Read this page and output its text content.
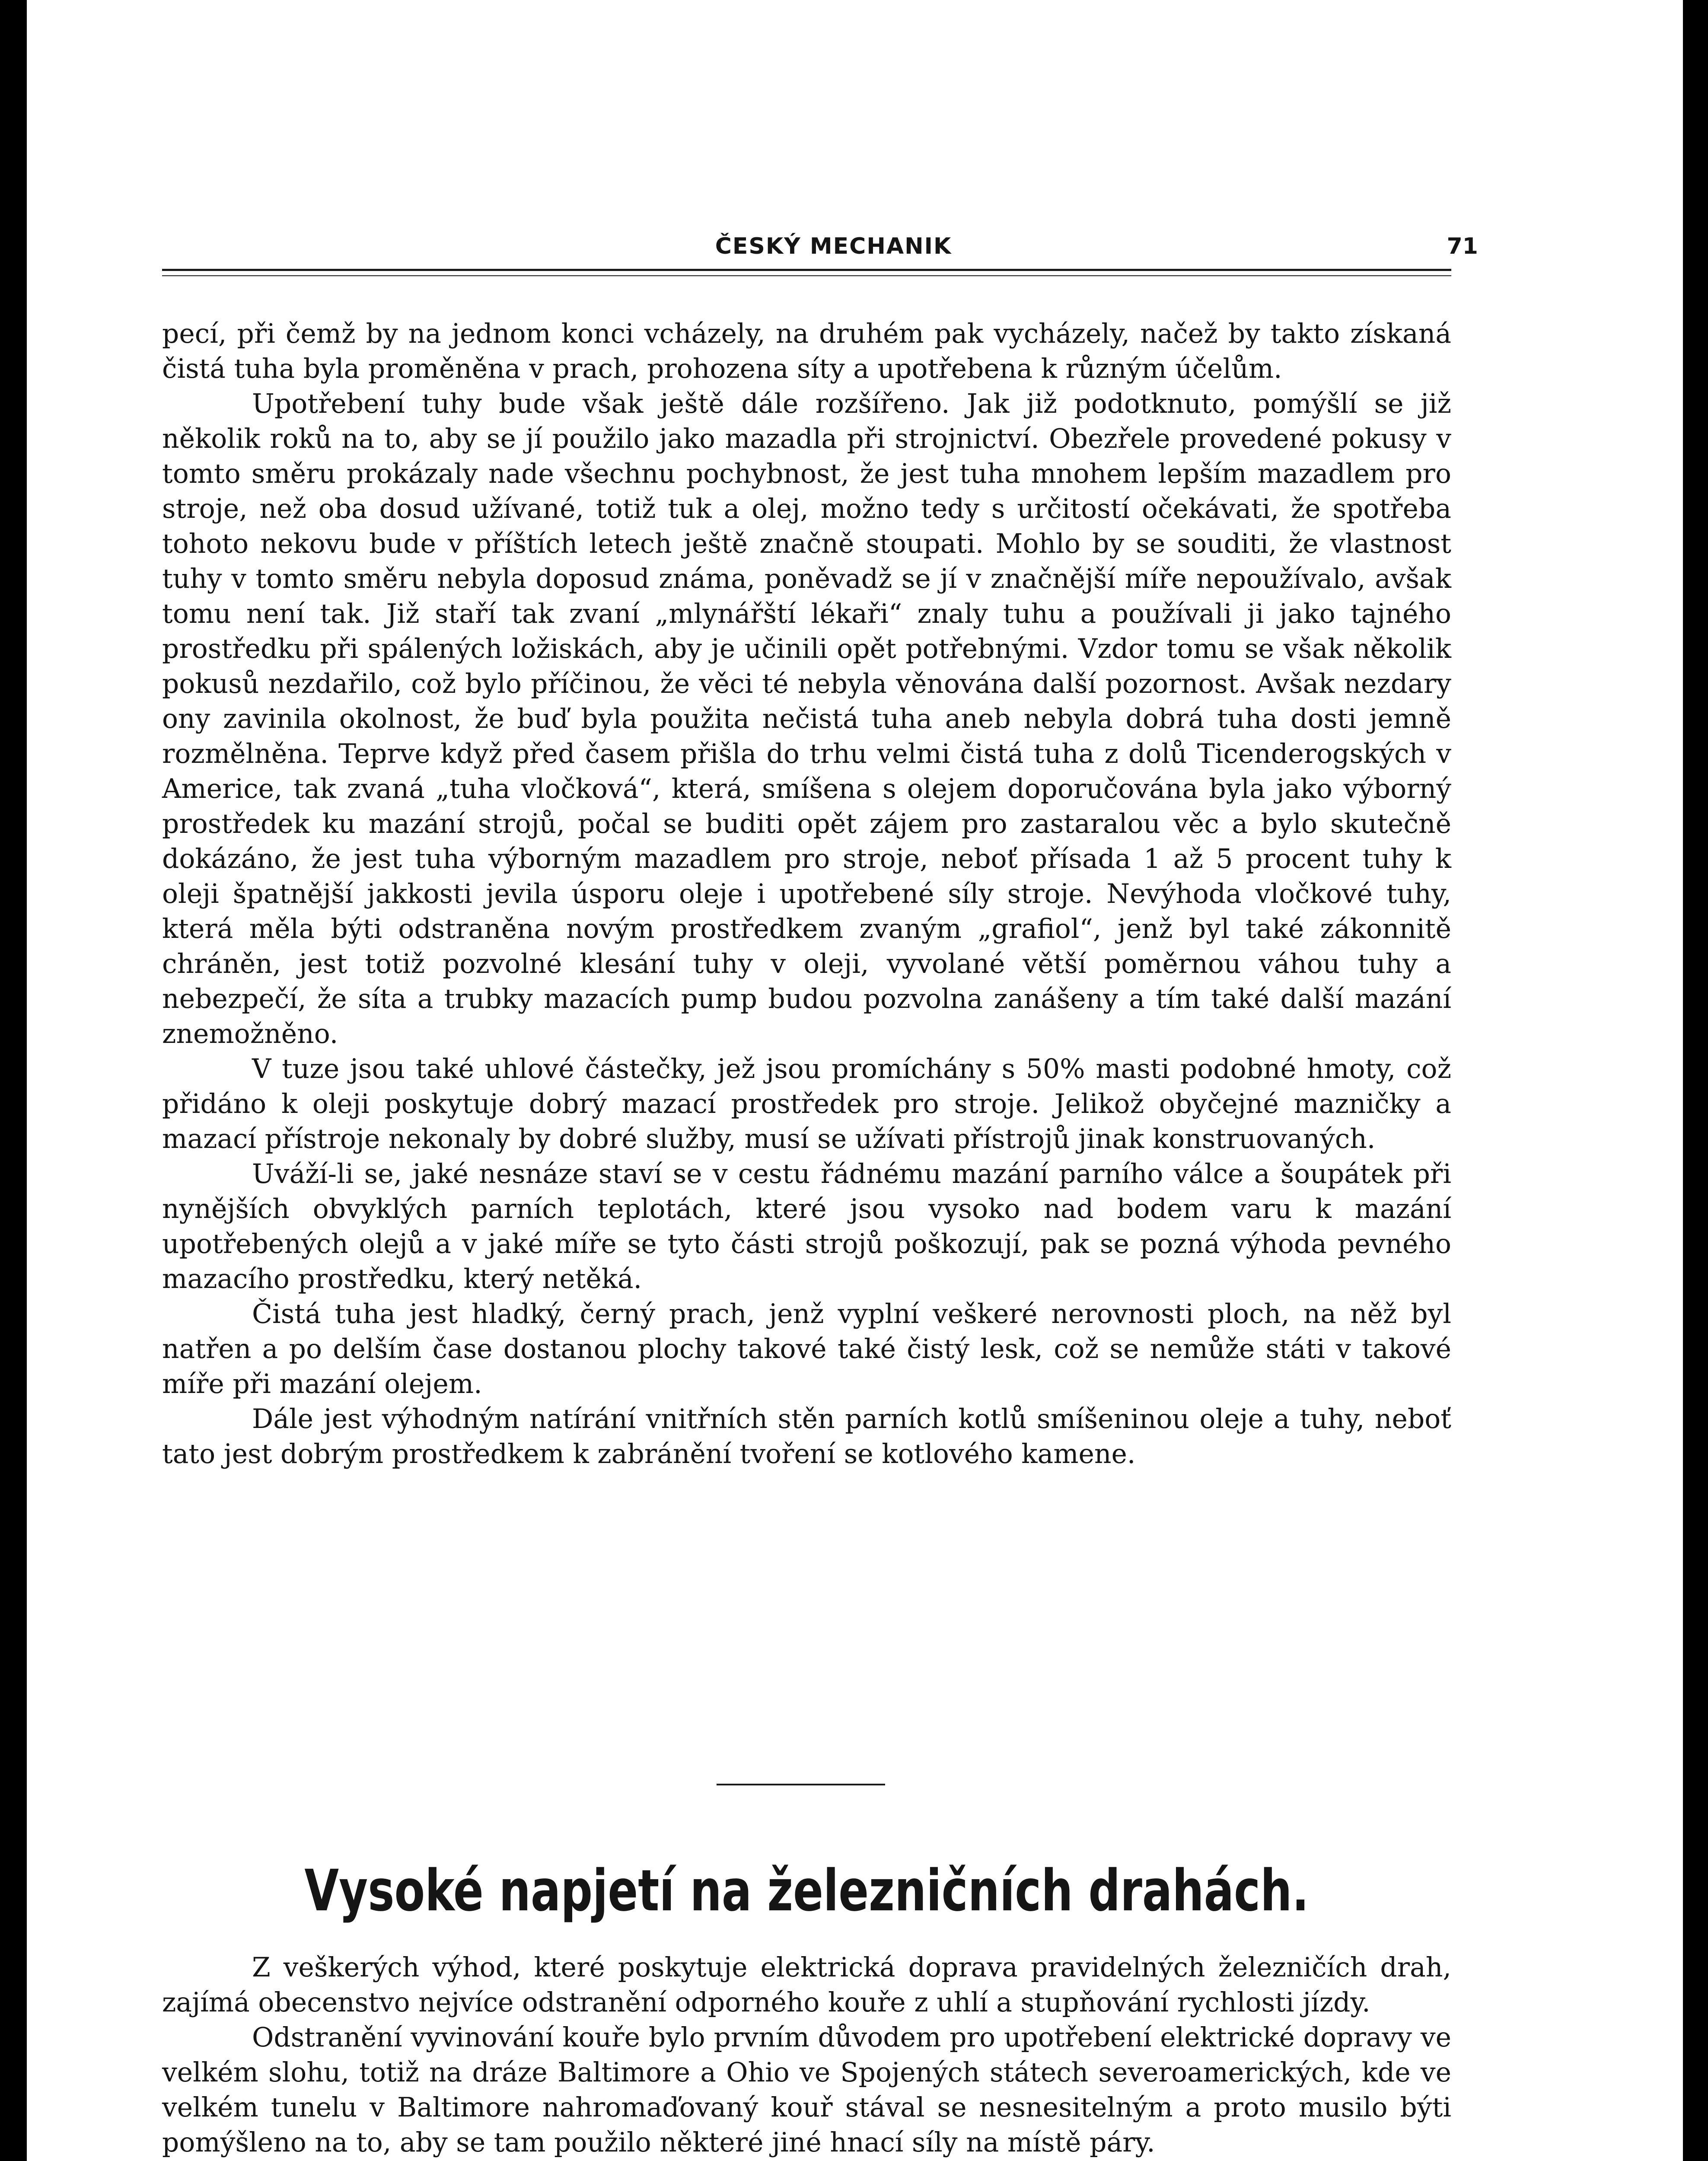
ČESKÝ MECHANIK	71

pecí, při čemž by na jednom konci vcházely, na druhém pak vycházely, načež by takto získaná čistá tuha byla proměněna v prach, prohozena síty a upotřebena k různým účelům.

Upotřebení tuhy bude však ještě dále rozšířeno. Jak již podotknuto, pomýšlí se již několik roků na to, aby se jí použilo jako mazadla při strojnictví. Obezřele provedené pokusy v tomto směru prokázaly nade všechnu pochybnost, že jest tuha mnohem lepším mazadlem pro stroje, než oba dosud užívané, totiž tuk a olej, možno tedy s určitostí očekávati, že spotřeba tohoto nekovu bude v příštích letech ještě značně stoupati. Mohlo by se souditi, že vlastnost tuhy v tomto směru nebyla doposud známa, poněvadž se jí v značnější míře nepoužívalo, avšak tomu není tak. Již staří tak zvaní „mlynářští lékaři“ znaly tuhu a používali ji jako tajného prostředku při spálených ložiskách, aby je učinili opět potřebnými. Vzdor tomu se však několik pokusů nezdařilo, což bylo příčinou, že věci té nebyla věnována další pozornost. Avšak nezdary ony zavinila okolnost, že buď byla použita nečistá tuha aneb nebyla dobrá tuha dosti jemně rozmělněna. Teprve když před časem přišla do trhu velmi čistá tuha z dolů Ticenderogských v Americe, tak zvaná „tuha vločková“, která, smíšena s olejem doporučována byla jako výborný prostředek ku mazání strojů, počal se buditi opět zájem pro zastaralou věc a bylo skutečně dokázáno, že jest tuha výborným mazadlem pro stroje, neboť přísada 1 až 5 procent tuhy k oleji špatnější jakkosti jevila úsporu oleje i upotřebené síly stroje. Nevýhoda vločkové tuhy, která měla býti odstraněna novým prostředkem zvaným „grafiol“, jenž byl také zákonnitě chráněn, jest totiž pozvolné klesání tuhy v oleji, vyvolané větší poměrnou váhou tuhy a nebezpečí, že síta a trubky mazacích pump budou pozvolna zanášeny a tím také další mazání znemožněno.

V tuze jsou také uhlové částečky, jež jsou promíchány s 50% masti podobné hmoty, což přidáno k oleji poskytuje dobrý mazací prostředek pro stroje. Jelikož obyčejné mazničky a mazací přístroje nekonaly by dobré služby, musí se užívati přístrojů jinak konstruovaných.

Uváží-li se, jaké nesnáze staví se v cestu řádnému mazání parního válce a šoupátek při nynějších obvyklých parních teplotách, které jsou vysoko nad bodem varu k mazání upotřebených olejů a v jaké míře se tyto části strojů poškozují, pak se pozná výhoda pevného mazacího prostředku, který netěká.

Čistá tuha jest hladký, černý prach, jenž vyplní veškeré nerovnosti ploch, na něž byl natřen a po delším čase dostanou plochy takové také čistý lesk, což se nemůže státi v takové míře při mazání olejem.

Dále jest výhodným natírání vnitřních stěn parních kotlů smíšeninou oleje a tuhy, neboť tato jest dobrým prostředkem k zabránění tvoření se kotlového kamene.

Vysoké napjetí na železničních drahách.

Z veškerých výhod, které poskytuje elektrická doprava pravidelných železničích drah, zajímá obecenstvo nejvíce odstranění odporného kouře z uhlí a stupňování rychlosti jízdy.

Odstranění vyvinování kouře bylo prvním důvodem pro upotřebení elektrické dopravy ve velkém slohu, totiž na dráze Baltimore a Ohio ve Spojených státech severoamerických, kde ve velkém tunelu v Baltimore nahromaďovaný kouř stával se nesnesitelným a proto musilo býti pomýšleno na to, aby se tam použilo některé jiné hnací síly na místě páry.
